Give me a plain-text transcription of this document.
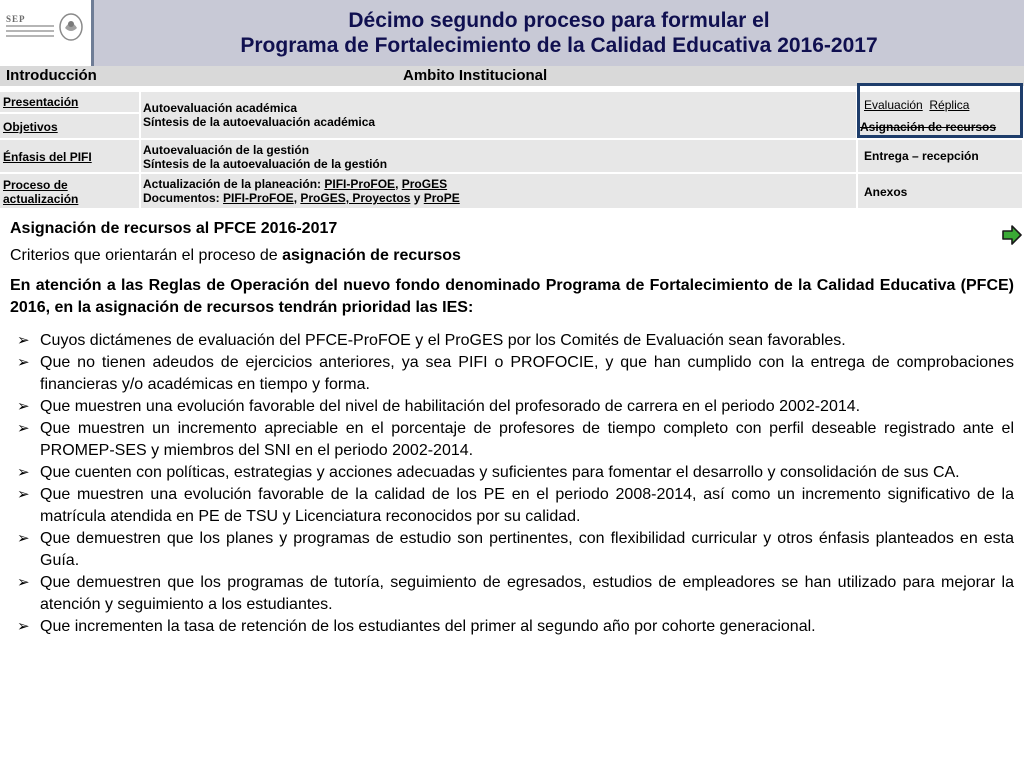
SEP	Décimo segundo proceso para formular el
Programa de Fortalecimiento de la Calidad Educativa 2016-2017
Introducción	Ambito Institucional
Presentación
Objetivos
Énfasis del PIFI
Proceso de
actualización
Autoevaluación académica
Síntesis de la autoevaluación académica
Autoevaluación de la gestión
Síntesis de la autoevaluación de la gestión
Actualización de la planeación: PIFI-ProFOE, ProGES
Documentos: PIFI-ProFOE, ProGES, Proyectos y ProPE
Evaluación Réplica
Asignación de recursos
Entrega – recepción
Anexos

Asignación de recursos al PFCE 2016-2017

Criterios que orientarán el proceso de asignación de recursos

En atención a las Reglas de Operación del nuevo fondo denominado Programa de Fortalecimiento de la Calidad Educativa (PFCE) 2016, en la asignación de recursos tendrán prioridad las IES:

➢ Cuyos dictámenes de evaluación del PFCE-ProFOE y el ProGES por los Comités de Evaluación sean favorables.
➢ Que no tienen adeudos de ejercicios anteriores, ya sea PIFI o PROFOCIE, y que han cumplido con la entrega de comprobaciones financieras y/o académicas en tiempo y forma.
➢ Que muestren una evolución favorable del nivel de habilitación del profesorado de carrera en el periodo 2002-2014.
➢ Que muestren un incremento apreciable en el porcentaje de profesores de tiempo completo con perfil deseable registrado ante el PROMEP-SES y miembros del SNI en el periodo 2002-2014.
➢ Que cuenten con políticas, estrategias y acciones adecuadas y suficientes para fomentar el desarrollo y consolidación de sus CA.
➢ Que muestren una evolución favorable de la calidad de los PE en el periodo 2008-2014, así como un incremento significativo de la matrícula atendida en PE de TSU y Licenciatura reconocidos por su calidad.
➢ Que demuestren que los planes y programas de estudio son pertinentes, con flexibilidad curricular y otros énfasis planteados en esta Guía.
➢ Que demuestren que los programas de tutoría, seguimiento de egresados, estudios de empleadores se han utilizado para mejorar la atención y seguimiento a los estudiantes.
➢ Que incrementen la tasa de retención de los estudiantes del primer al segundo año por cohorte generacional.
